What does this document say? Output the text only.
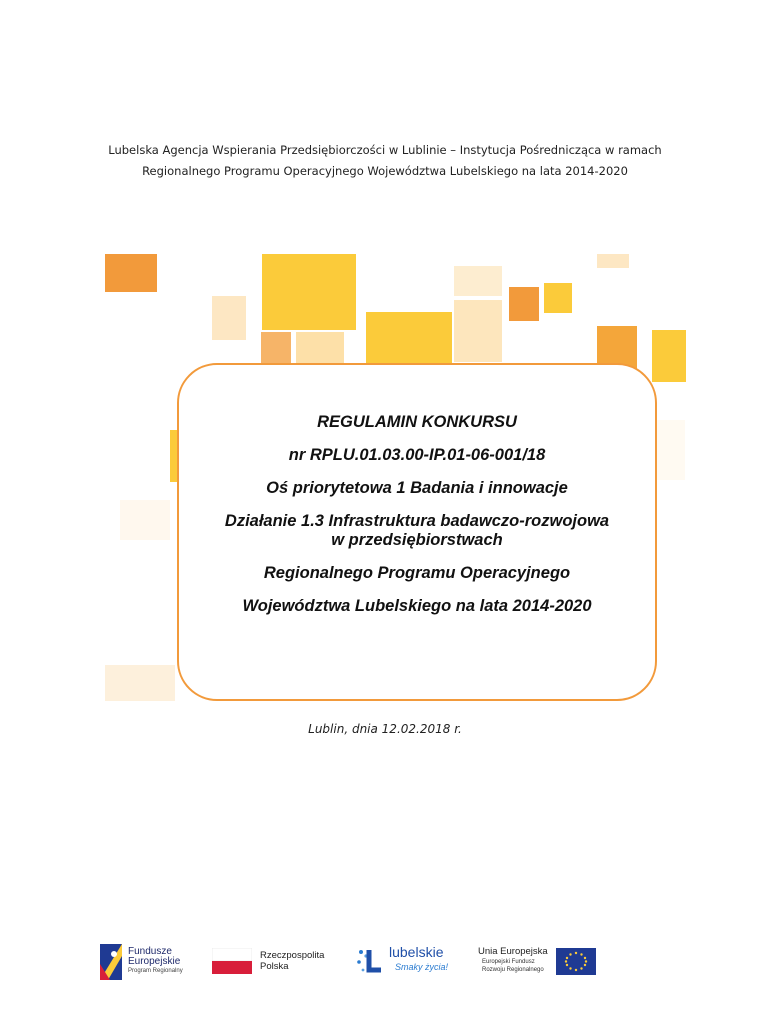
Lubelska Agencja Wspierania Przedsiębiorczości w Lublinie – Instytucja Pośrednicząca w ramach
Regionalnego Programu Operacyjnego Województwa Lubelskiego na lata 2014-2020
REGULAMIN KONKURSU
nr RPLU.01.03.00-IP.01-06-001/18
Oś priorytetowa 1 Badania i innowacje
Działanie 1.3 Infrastruktura badawczo-rozwojowa
w przedsiębiorstwach
Regionalnego Programu Operacyjnego
Województwa Lubelskiego na lata 2014-2020
Lublin, dnia 12.02.2018 r.
Fundusze
Europejskie
Program Regionalny
Rzeczpospolita
Polska
lubelskie
Smaky życia!
Unia Europejska
Europejski Fundusz
Rozwoju Regionalnego
